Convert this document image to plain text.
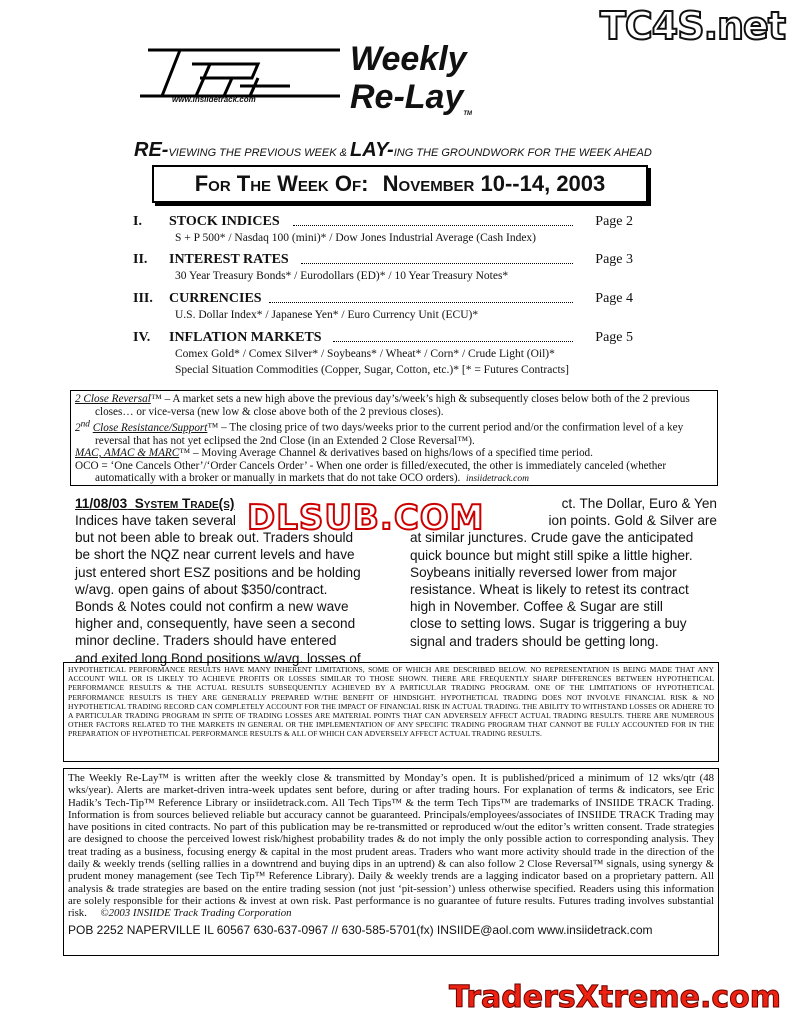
TC4S.net
DLSUB.COM
TradersXtreme.com
www.insiidetrack.com
Weekly
Re-LayTM
RE-VIEWING THE PREVIOUS WEEK & LAY-ING THE GROUNDWORK FOR THE WEEK AHEAD
For The Week Of: November 10--14, 2003
I. STOCK INDICES	Page 2
S + P 500* / Nasdaq 100 (mini)* / Dow Jones Industrial Average (Cash Index)
II. INTEREST RATES	Page 3
30 Year Treasury Bonds* / Eurodollars (ED)* / 10 Year Treasury Notes*
III. CURRENCIES	Page 4
U.S. Dollar Index* / Japanese Yen* / Euro Currency Unit (ECU)*
IV. INFLATION MARKETS	Page 5
Comex Gold* / Comex Silver* / Soybeans* / Wheat* / Corn* / Crude Light (Oil)*
Special Situation Commodities (Copper, Sugar, Cotton, etc.)* [* = Futures Contracts]

2 Close Reversal™ – A market sets a new high above the previous day’s/week’s high & subsequently closes below both of the 2 previous closes… or vice-versa (new low & close above both of the 2 previous closes).

2nd Close Resistance/Support™ – The closing price of two days/weeks prior to the current period and/or the confirmation level of a key reversal that has not yet eclipsed the 2nd Close (in an Extended 2 Close Reversal™).

MAC, AMAC & MARC™ – Moving Average Channel & derivatives based on highs/lows of a specified time period.

OCO = ‘One Cancels Other’/‘Order Cancels Order’ - When one order is filled/executed, the other is immediately canceled (whether automatically with a broker or manually in markets that do not take OCO orders). insiidetrack.com

11/08/03 System Trade(s)
Indices have taken several
but not been able to break out. Traders should
be short the NQZ near current levels and have
just entered short ESZ positions and be holding
w/avg. open gains of about $350/contract.
Bonds & Notes could not confirm a new wave
higher and, consequently, have seen a second
minor decline. Traders should have entered
and exited long Bond positions w/avg. losses of
ct. The Dollar, Euro & Yen
ion points. Gold & Silver are
at similar junctures. Crude gave the anticipated
quick bounce but might still spike a little higher.
Soybeans initially reversed lower from major
resistance. Wheat is likely to retest its contract
high in November. Coffee & Sugar are still
close to setting lows. Sugar is triggering a buy
signal and traders should be getting long.
HYPOTHETICAL PERFORMANCE RESULTS HAVE MANY INHERENT LIMITATIONS, SOME OF WHICH ARE DESCRIBED BELOW. NO REPRESENTATION IS BEING MADE THAT ANY ACCOUNT WILL OR IS LIKELY TO ACHIEVE PROFITS OR LOSSES SIMILAR TO THOSE SHOWN. THERE ARE FREQUENTLY SHARP DIFFERENCES BETWEEN HYPOTHETICAL PERFORMANCE RESULTS & THE ACTUAL RESULTS SUBSEQUENTLY ACHIEVED BY A PARTICULAR TRADING PROGRAM. ONE OF THE LIMITATIONS OF HYPOTHETICAL PERFORMANCE RESULTS IS THEY ARE GENERALLY PREPARED W/THE BENEFIT OF HINDSIGHT. HYPOTHETICAL TRADING DOES NOT INVOLVE FINANCIAL RISK & NO HYPOTHETICAL TRADING RECORD CAN COMPLETELY ACCOUNT FOR THE IMPACT OF FINANCIAL RISK IN ACTUAL TRADING. THE ABILITY TO WITHSTAND LOSSES OR ADHERE TO A PARTICULAR TRADING PROGRAM IN SPITE OF TRADING LOSSES ARE MATERIAL POINTS THAT CAN ADVERSELY AFFECT ACTUAL TRADING RESULTS. THERE ARE NUMEROUS OTHER FACTORS RELATED TO THE MARKETS IN GENERAL OR THE IMPLEMENTATION OF ANY SPECIFIC TRADING PROGRAM THAT CANNOT BE FULLY ACCOUNTED FOR IN THE PREPARATION OF HYPOTHETICAL PERFORMANCE RESULTS & ALL OF WHICH CAN ADVERSELY AFFECT ACTUAL TRADING RESULTS.
The Weekly Re-Lay™ is written after the weekly close & transmitted by Monday’s open. It is published/priced a minimum of 12 wks/qtr (48 wks/year). Alerts are market-driven intra-week updates sent before, during or after trading hours. For explanation of terms & indicators, see Eric Hadik’s Tech-Tip™ Reference Library or insiidetrack.com. All Tech Tips™ & the term Tech Tips™ are trademarks of INSIIDE TRACK Trading. Information is from sources believed reliable but accuracy cannot be guaranteed. Principals/employees/associates of INSIIDE TRACK Trading may have positions in cited contracts. No part of this publication may be re-transmitted or reproduced w/out the editor’s written consent. Trade strategies are designed to choose the perceived lowest risk/highest probability trades & do not imply the only possible action to corresponding analysis. They treat trading as a business, focusing energy & capital in the most prudent areas. Traders who want more activity should trade in the direction of the daily & weekly trends (selling rallies in a downtrend and buying dips in an uptrend) & can also follow 2 Close Reversal™ signals, using synergy & prudent money management (see Tech Tip™ Reference Library). Daily & weekly trends are a lagging indicator based on a proprietary pattern. All analysis & trade strategies are based on the entire trading session (not just ‘pit-session’) unless otherwise specified. Readers using this information are solely responsible for their actions & invest at own risk. Past performance is no guarantee of future results. Futures trading involves substantial risk. ©2003 INSIIDE Track Trading Corporation
POB 2252 NAPERVILLE IL 60567 630-637-0967 // 630-585-5701(fx) INSIIDE@aol.com www.insiidetrack.com
